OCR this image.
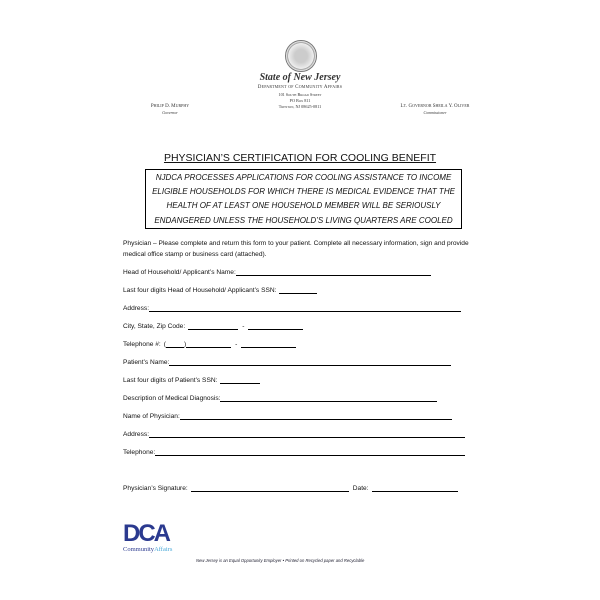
State of New Jersey
Department of Community Affairs
101 South Broad Street
PO Box 811
Trenton, NJ 08625-0811
Philip D. Murphy
Governor
Lt. Governor Sheila Y. Oliver
Commissioner
PHYSICIAN’S CERTIFICATION FOR COOLING BENEFIT
NJDCA PROCESSES APPLICATIONS FOR COOLING ASSISTANCE TO INCOME
ELIGIBLE HOUSEHOLDS FOR WHICH THERE IS MEDICAL EVIDENCE THAT THE
HEALTH OF AT LEAST ONE HOUSEHOLD MEMBER WILL BE SERIOUSLY
ENDANGERED UNLESS THE HOUSEHOLD’S LIVING QUARTERS ARE COOLED
Physician – Please complete and return this form to your patient. Complete all necessary information, sign and provide medical office stamp or business card (attached).
Head of Household/ Applicant’s Name:
Last four digits Head of Household/ Applicant’s SSN:
Address:
City, State, Zip Code:	-
Telephone #: (	)	-
Patient’s Name:
Last four digits of Patient’s SSN:
Description of Medical Diagnosis:
Name of Physician:
Address:
Telephone:
Physician’s Signature:	Date:
DCA
CommunityAffairs
New Jersey is an Equal Opportunity Employer • Printed on Recycled paper and Recyclable
